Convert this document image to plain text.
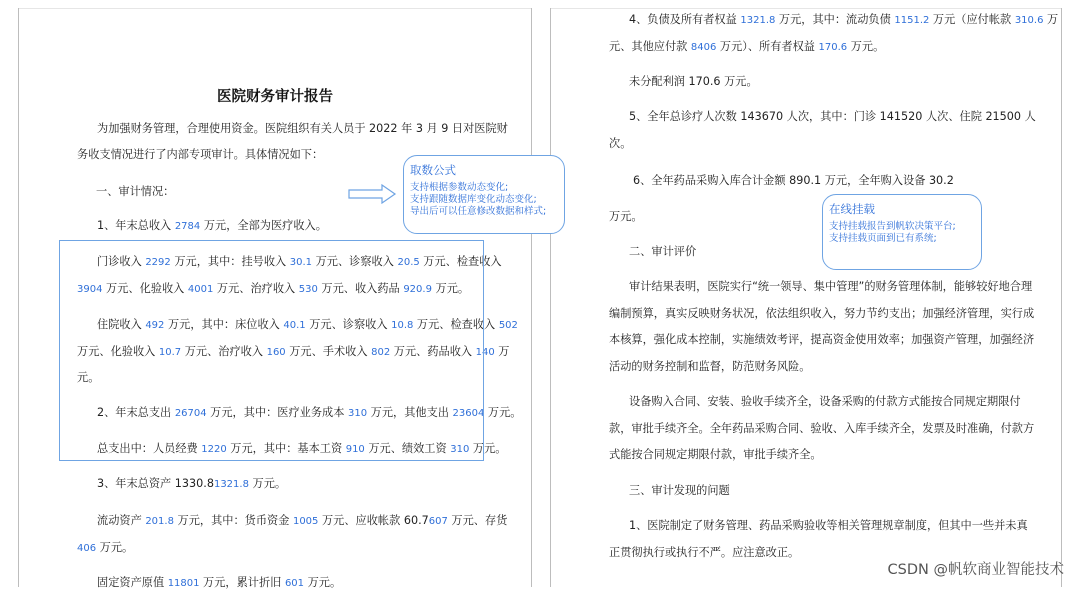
医院财务审计报告
为加强财务管理，合理使用资金。医院组织有关人员于 2022 年 3 月 9 日对医院财
务收支情况进行了内部专项审计。具体情况如下：
一、审计情况：
1、年末总收入 2784 万元，全部为医疗收入。
门诊收入 2292 万元，其中：挂号收入 30.1 万元、诊察收入 20.5 万元、检查收入
3904 万元、化验收入 4001 万元、治疗收入 530 万元、收入药品 920.9 万元。
住院收入 492 万元，其中：床位收入 40.1 万元、诊察收入 10.8 万元、检查收入 502
万元、化验收入 10.7 万元、治疗收入 160 万元、手术收入 802 万元、药品收入 140 万
元。
2、年末总支出 26704 万元，其中：医疗业务成本 310 万元，其他支出 23604 万元。
总支出中：人员经费 1220 万元，其中：基本工资 910 万元、绩效工资 310 万元。
3、年末总资产 1330.81321.8 万元。
流动资产 201.8 万元，其中：货币资金 1005 万元、应收帐款 60.7607 万元、存货
406 万元。
固定资产原值 11801 万元，累计折旧 601 万元。
4、负债及所有者权益 1321.8 万元，其中：流动负债 1151.2 万元（应付帐款 310.6 万
元、其他应付款 8406 万元）、所有者权益 170.6 万元。
未分配利润 170.6 万元。
5、全年总诊疗人次数 143670 人次，其中：门诊 141520 人次、住院 21500 人
次。
6、全年药品采购入库合计金额 890.1 万元，全年购入设备 30.2
万元。
二、审计评价
审计结果表明，医院实行“统一领导、集中管理”的财务管理体制，能够较好地合理
编制预算，真实反映财务状况，依法组织收入，努力节约支出；加强经济管理，实行成
本核算，强化成本控制，实施绩效考评，提高资金使用效率；加强资产管理，加强经济
活动的财务控制和监督，防范财务风险。
设备购入合同、安装、验收手续齐全，设备采购的付款方式能按合同规定期限付
款，审批手续齐全。全年药品采购合同、验收、入库手续齐全，发票及时准确，付款方
式能按合同规定期限付款，审批手续齐全。
三、审计发现的问题
1、医院制定了财务管理、药品采购验收等相关管理规章制度，但其中一些并未真
正贯彻执行或执行不严。应注意改正。
取数公式
支持根据参数动态变化;
支持跟随数据库变化动态变化;
导出后可以任意修改数据和样式;	在线挂载
支持挂载报告到帆软决策平台;
支持挂载页面到已有系统;
CSDN @帆软商业智能技术
